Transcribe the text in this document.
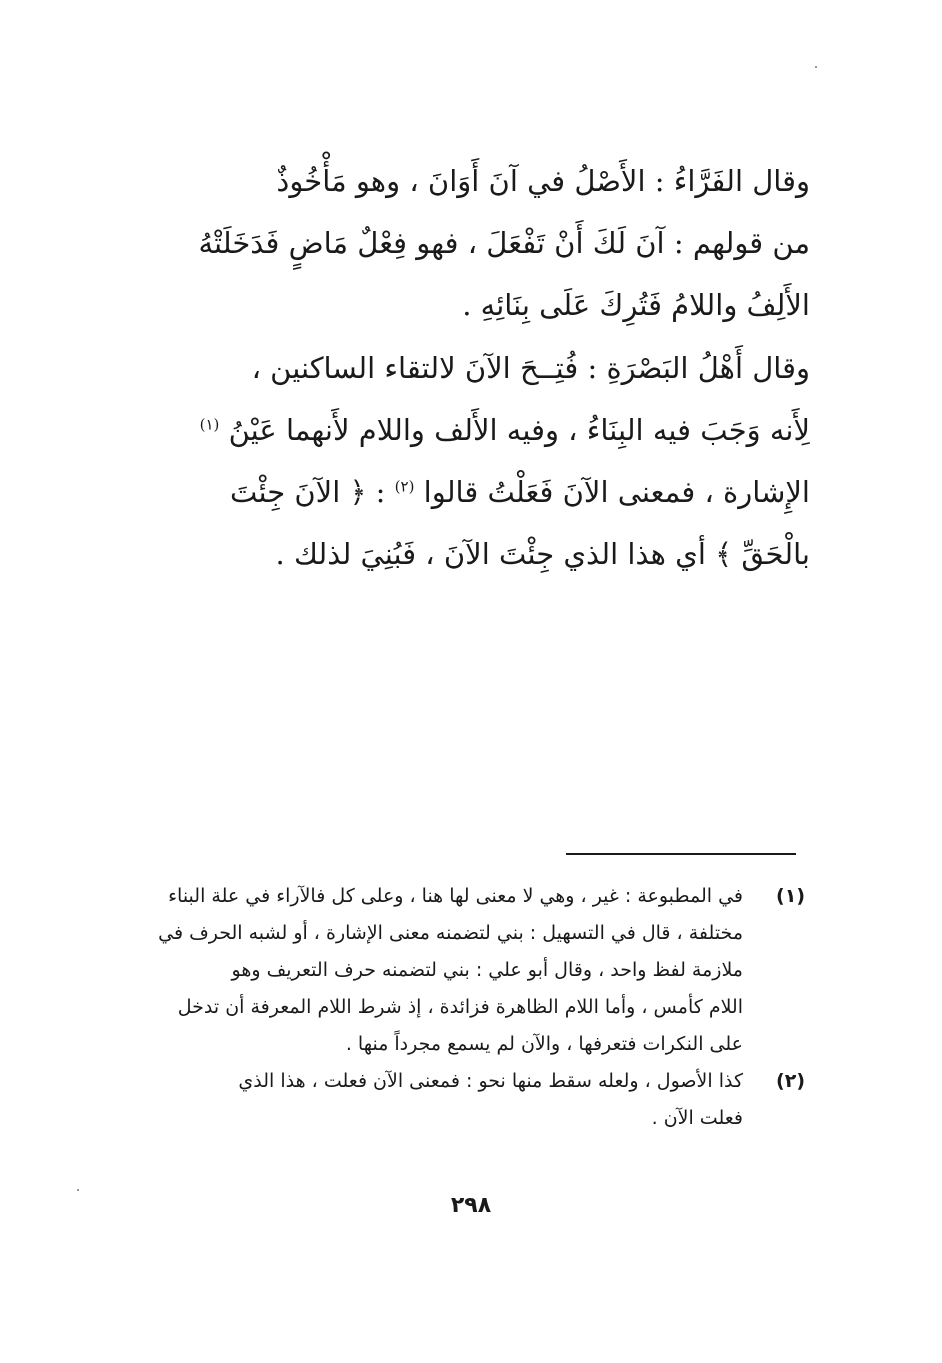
وقال الفَرَّاءُ : الأَصْلُ في آنَ أَوَانَ ، وهو مَأْخُوذٌ
من قولهم : آنَ لَكَ أَنْ تَفْعَلَ ، فهو فِعْلٌ مَاضٍ فَدَخَلَتْهُ
الأَلِفُ واللامُ فَتُرِكَ عَلَى بِنَائِهِ .
وقال أَهْلُ البَصْرَةِ : فُتِــحَ الآنَ لالتقاء الساكنين ،
لِأَنه وَجَبَ فيه البِنَاءُ ، وفيه الأَلف واللام لأَنهما عَيْنُ $^{(١)}$
الإِشارة ، فمعنى الآنَ فَعَلْتُ قالوا $^{(٢)}$ : ﴿ الآنَ جِئْتَ
بالْحَقِّ ﴾ أي هذا الذي جِئْتَ الآنَ ، فَبُنِيَ لذلك .
(١)
في المطبوعة : غير ، وهي لا معنى لها هنا ، وعلى كل فالآراء في علة البناء
مختلفة ، قال في التسهيل : بني لتضمنه معنى الإشارة ، أو لشبه الحرف في
ملازمة لفظ واحد ، وقال أبو علي : بني لتضمنه حرف التعريف وهو
اللام كأمس ، وأما اللام الظاهرة فزائدة ، إذ شرط اللام المعرفة أن تدخل
على النكرات فتعرفها ، والآن لم يسمع مجرداً منها .
(٢)
كذا الأصول ، ولعله سقط منها نحو : فمعنى الآن فعلت ، هذا الذي
فعلت الآن .
٢٩٨
